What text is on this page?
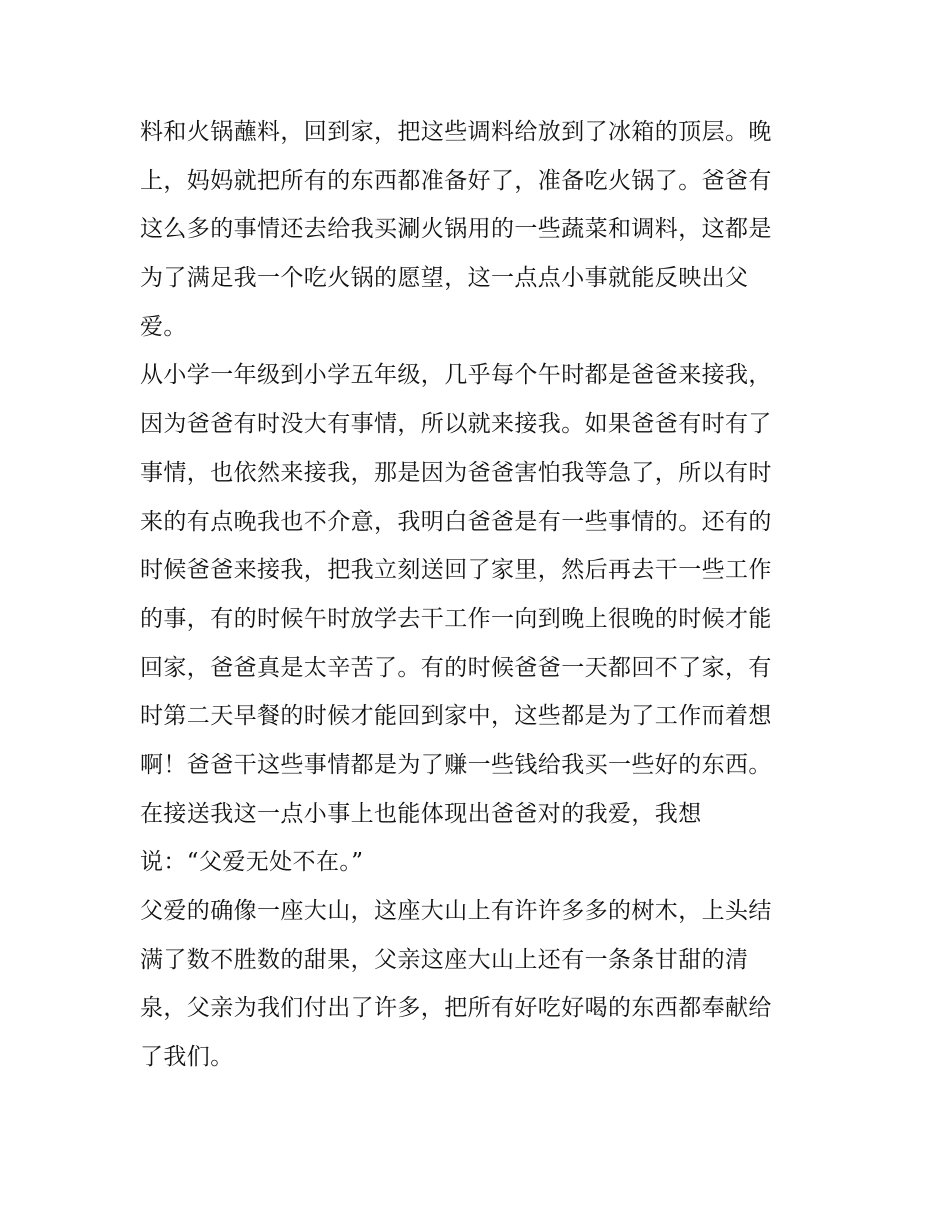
料和火锅蘸料，回到家，把这些调料给放到了冰箱的顶层。晚
上，妈妈就把所有的东西都准备好了，准备吃火锅了。爸爸有
这么多的事情还去给我买涮火锅用的一些蔬菜和调料，这都是
为了满足我一个吃火锅的愿望，这一点点小事就能反映出父
爱。
从小学一年级到小学五年级，几乎每个午时都是爸爸来接我，
因为爸爸有时没大有事情，所以就来接我。如果爸爸有时有了
事情，也依然来接我，那是因为爸爸害怕我等急了，所以有时
来的有点晚我也不介意，我明白爸爸是有一些事情的。还有的
时候爸爸来接我，把我立刻送回了家里，然后再去干一些工作
的事，有的时候午时放学去干工作一向到晚上很晚的时候才能
回家，爸爸真是太辛苦了。有的时候爸爸一天都回不了家，有
时第二天早餐的时候才能回到家中，这些都是为了工作而着想
啊！爸爸干这些事情都是为了赚一些钱给我买一些好的东西。
在接送我这一点小事上也能体现出爸爸对的我爱，我想
说：“父爱无处不在。”
父爱的确像一座大山，这座大山上有许许多多的树木，上头结
满了数不胜数的甜果，父亲这座大山上还有一条条甘甜的清
泉，父亲为我们付出了许多，把所有好吃好喝的东西都奉献给
了我们。
